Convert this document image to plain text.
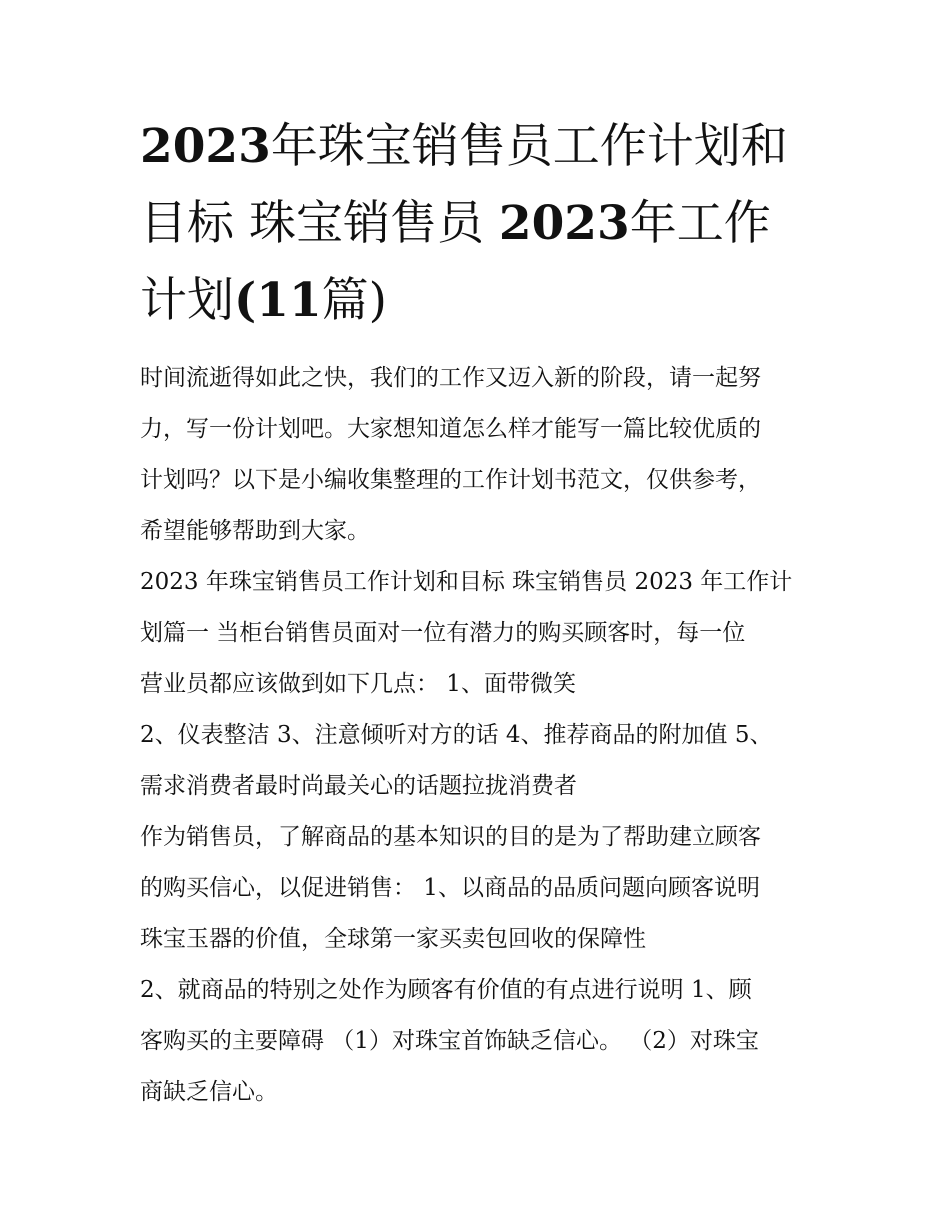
2023年珠宝销售员工作计划和
目标 珠宝销售员 2023年工作
计划(11篇)

时间流逝得如此之快，我们的工作又迈入新的阶段，请一起努
力，写一份计划吧。大家想知道怎么样才能写一篇比较优质的
计划吗？以下是小编收集整理的工作计划书范文，仅供参考，
希望能够帮助到大家。

2023 年珠宝销售员工作计划和目标 珠宝销售员 2023 年工作计
划篇一 当柜台销售员面对一位有潜力的购买顾客时，每一位
营业员都应该做到如下几点： 1、面带微笑

2、仪表整洁 3、注意倾听对方的话 4、推荐商品的附加值 5、
需求消费者最时尚最关心的话题拉拢消费者

作为销售员，了解商品的基本知识的目的是为了帮助建立顾客
的购买信心，以促进销售： 1、以商品的品质问题向顾客说明
珠宝玉器的价值，全球第一家买卖包回收的保障性

2、就商品的特别之处作为顾客有价值的有点进行说明 1、顾
客购买的主要障碍 （1）对珠宝首饰缺乏信心。 （2）对珠宝
商缺乏信心。
